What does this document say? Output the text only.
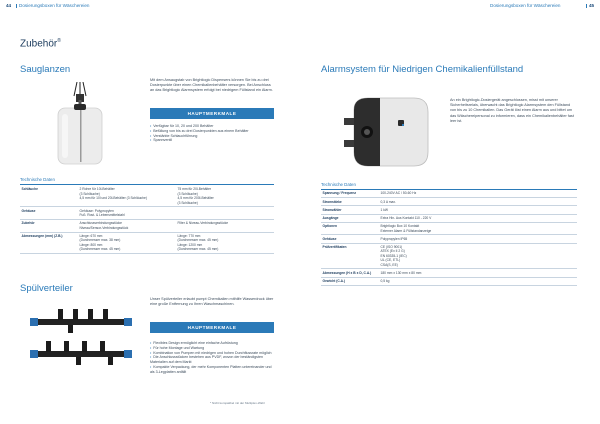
44 Dosierungsboxen für Wäschereien
Zubehör®
Sauglanzen
Mit dem Ansaugstab von Brightlogic Dispensers können Sie bis zu drei Dosierpunkte über einen Chemikalienbehälter versorgen. Bei Anschluss an das Brightlogic Alarmsystem erfolgt bei niedrigem Füllstand ein Alarm.
HAUPTMERKMALE
• Verfügbar für 10, 20 und 200 Behälter
• Befüllung von bis zu drei Dosierpunkten aus einem Behälter
• Verstärkte Schlauchführung
• Spannventil
Technische Daten
Schläuche	2 Rohre für 10l-Behälter
(3 Schläuche)
4,5 mm für 10l und 20l-Behälter (3 Schläuche)	75 mm für 20l-Behälter
(3 Schläuche)
4,5 mm für 200l-Behälter
(3 Schläuche)

Gehäuse	Gehäuse: Polypropylen
Fuß: Rost- & Lebensmittelstahl	

Zubehör	Anschlussverbindungsstücke
Niveau/Sensor-Verbindungsstück	Filter & Niveau-Verbindungsstücke

Abmessungen (mm) (Z.B.)	Länge: 670 mm
(Durchmesser max. 38 mm)
Länge: 800 mm
(Durchmesser max. 45 mm)	Länge: 770 mm
(Durchmesser max. 45 mm)
Länge: 1200 mm
(Durchmesser max. 45 mm)
Spülverteiler
Unser Spülverteiler erlaubt pumpt Chemikalien mithilfe Wasserdruck über eine große Entfernung zu Ihren Waschmaschinen.
HAUPTMERKMALE
• Flexibles Design ermöglicht eine einfache Aufrüstung
• Für hohe Montage und Wartung
• Kombination von Pumpen mit niedrigen und hohen Durchflussrate möglich
• Die Anschlussstücken bestehen aus PVDF, wovon der beständigsten Materialien auf dem Markt
• Kompakte Verpackung, der mehr Komponenten Platten untereinander und als 3-Legplatten anfällt
* Nicht kompatibel mit der Multiplex-Wahl
Dosierungsboxen für Wäschereien	45
Alarmsystem für Niedrigen Chemikalienfüllstand
An ein Brightlogic-Dosiergerät angeschlossen, misst mit unserer Sicherheitsrelais, überwacht das Brightlogic Alarmsystem den Füllstand von bis zu 10 Chemikalien. Das Gerät löst einen Alarm aus und bittet um das Wäschereipersonal zu informieren, dass ein Chemikalienbehälter fast leer ist.
Technische Daten
Spannung / Frequenz	100-240V AC / 50-60 Hz

Stromstärke	0,3 A max.

Stromzähler	1 kW

Ausgänge	Extra Hin- Aus Kontakt 110 - 220 V

Optionen	Brightlogic Box 10 Kontakt
Externer Alarm & Füllstandanzeige

Gehäuse	Polypropylen IP65

Prüfzertifikaten	CE (ISO 9001)
ATEX (Ex II 2 G)
EN 60335-1 (IEC)
UL (CE, ETL)
CSA(S, EE)

Abmessungen (H x B x D, C.A.)	180 mm x 130 mm x 80 mm

Gewicht (C.A.)	0,5 kg
